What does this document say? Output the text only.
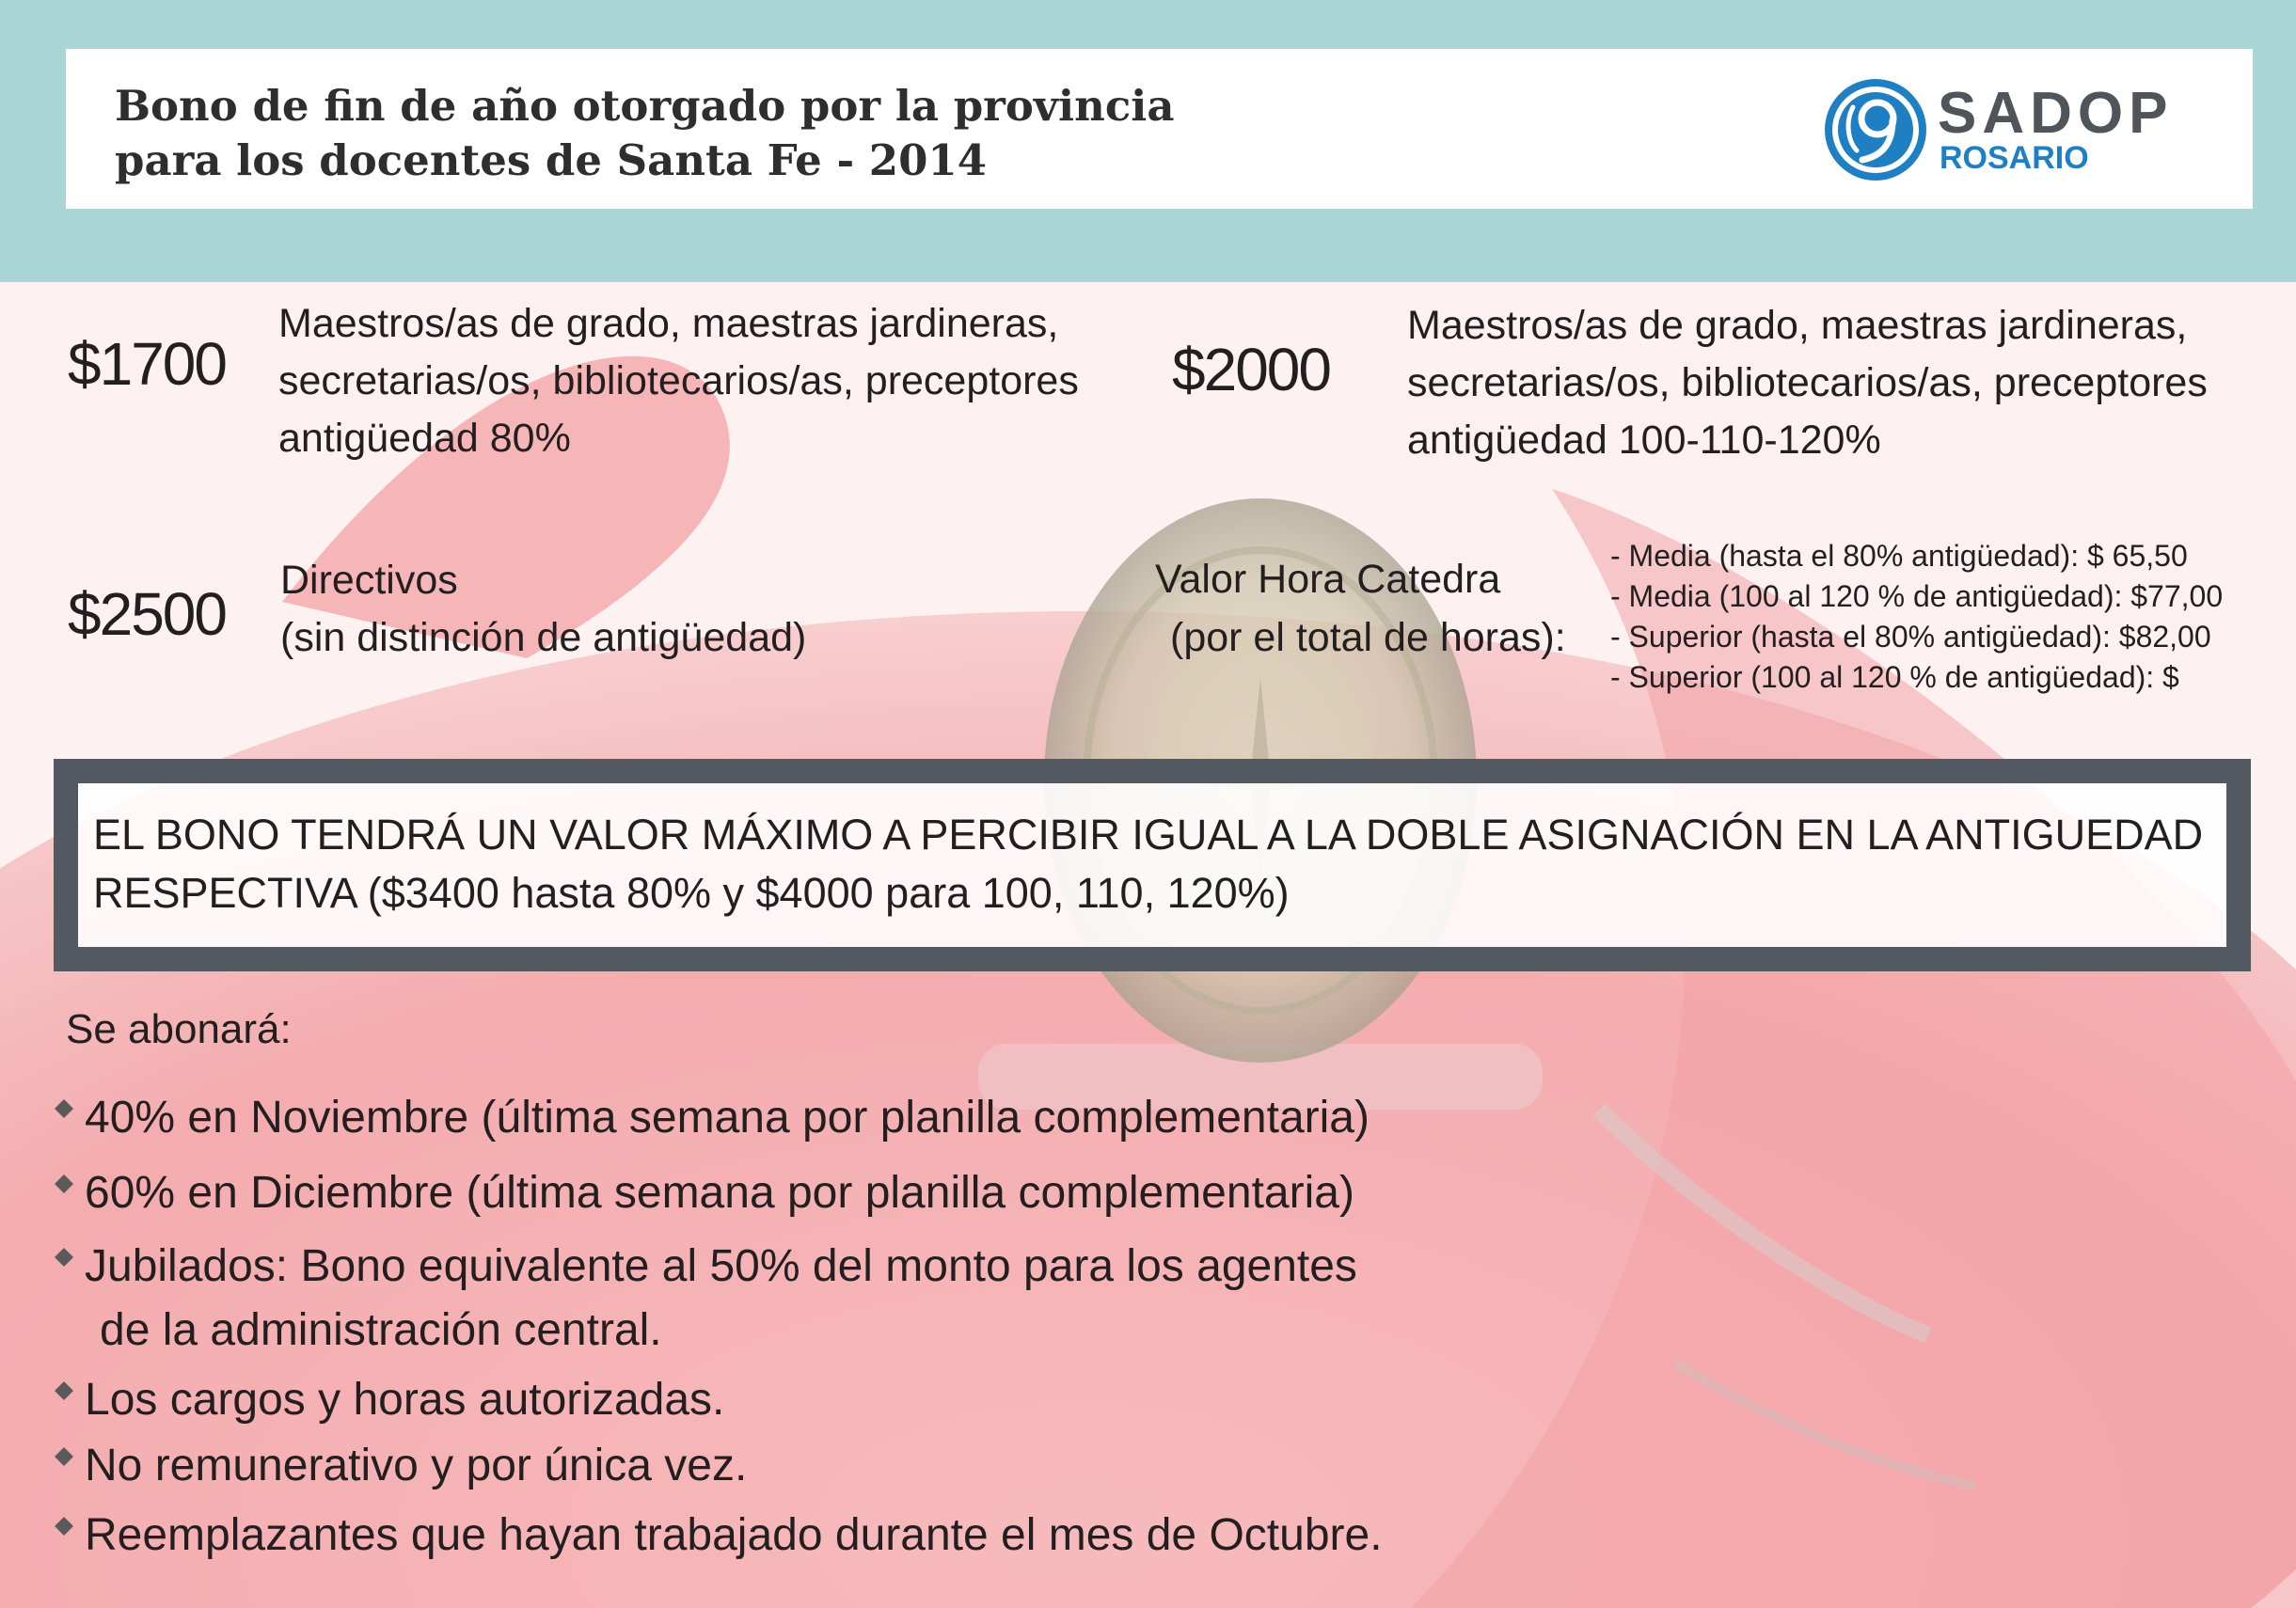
Bono de fin de año otorgado por la provincia
para los docentes de Santa Fe - 2014
SADOP
ROSARIO
$1700
Maestros/as de grado, maestras jardineras,
secretarias/os, bibliotecarios/as, preceptores
antigüedad 80%
$2000
Maestros/as de grado, maestras jardineras,
secretarias/os, bibliotecarios/as, preceptores
antigüedad 100-110-120%
$2500 Directivos
(sin distinción de antigüedad)
Valor Hora Catedra
(por el total de horas):
- Media (hasta el 80% antigüedad): $ 65,50
- Media (100 al 120 % de antigüedad): $77,00
- Superior (hasta el 80% antigüedad): $82,00
- Superior (100 al 120 % de antigüedad): $
EL BONO TENDRÁ UN VALOR MÁXIMO A PERCIBIR IGUAL A LA DOBLE ASIGNACIÓN EN LA ANTIGUEDAD
RESPECTIVA ($3400 hasta 80% y $4000 para 100, 110, 120%)
Se abonará:
40% en Noviembre (última semana por planilla complementaria)
60% en Diciembre (última semana por planilla complementaria)
Jubilados: Bono equivalente al 50% del monto para los agentes
de la administración central.
Los cargos y horas autorizadas.
No remunerativo y por única vez.
Reemplazantes que hayan trabajado durante el mes de Octubre.
